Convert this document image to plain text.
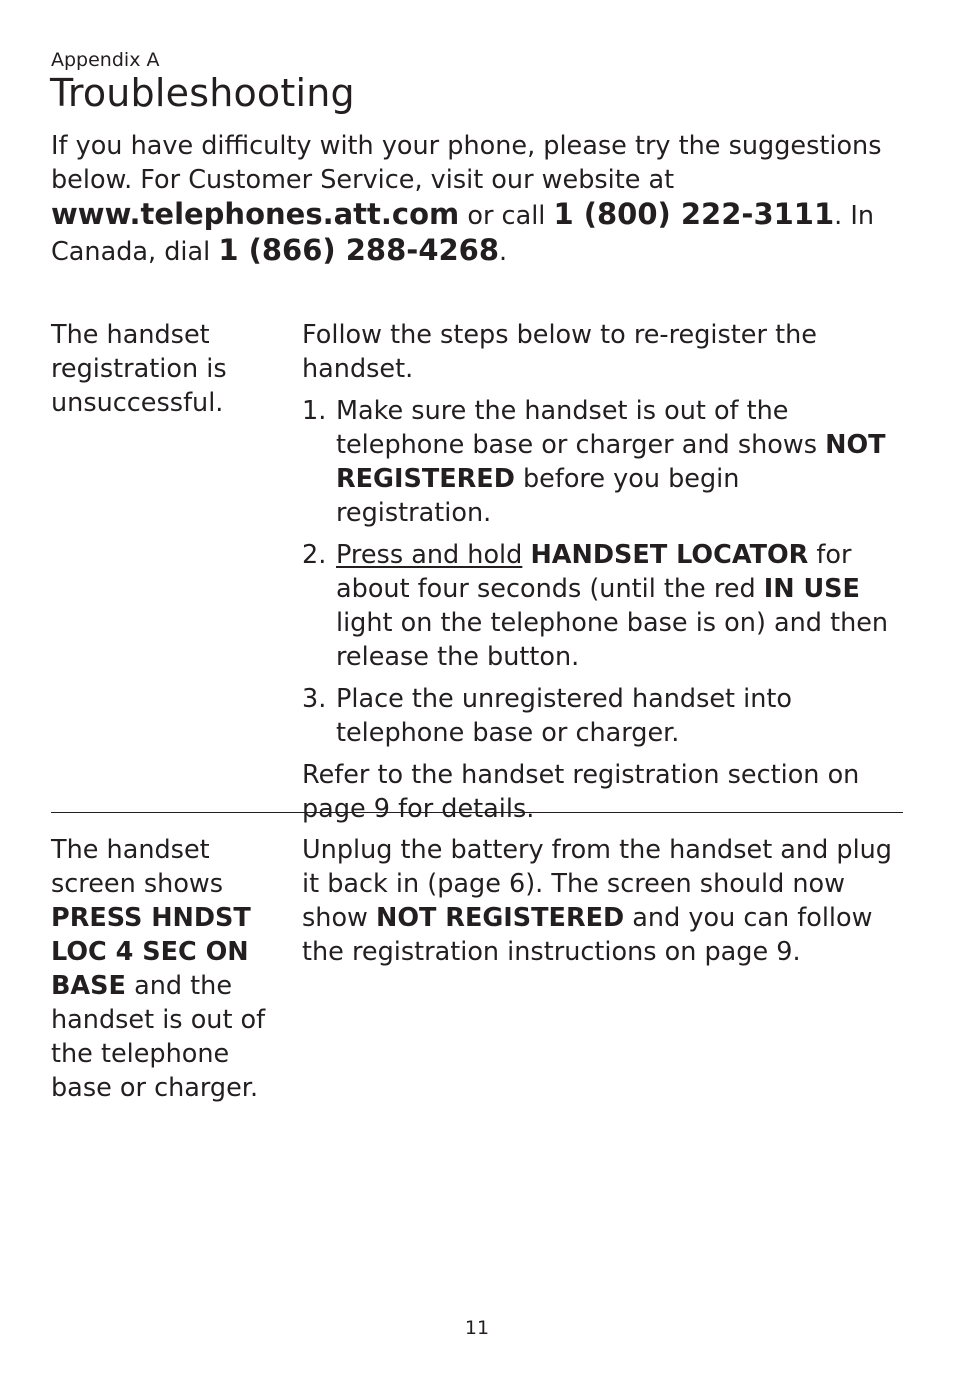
Appendix A
Troubleshooting
If you have difficulty with your phone, please try the suggestions below. For Customer Service, visit our website at
www.telephones.att.com or call 1 (800) 222-3111. In Canada, dial 1 (866) 288-4268.
The handset registration is unsuccessful.

Follow the steps below to re-register the handset.

1. Make sure the handset is out of the telephone base or charger and shows NOT REGISTERED before you begin registration.
2. Press and hold HANDSET LOCATOR for about four seconds (until the red IN USE light on the telephone base is on) and then release the button.
3. Place the unregistered handset into telephone base or charger.

Refer to the handset registration section on page 9 for details.

The handset screen shows PRESS HNDST LOC 4 SEC ON BASE and the handset is out of the telephone base or charger.

Unplug the battery from the handset and plug it back in (page 6). The screen should now show NOT REGISTERED and you can follow the registration instructions on page 9.

11
